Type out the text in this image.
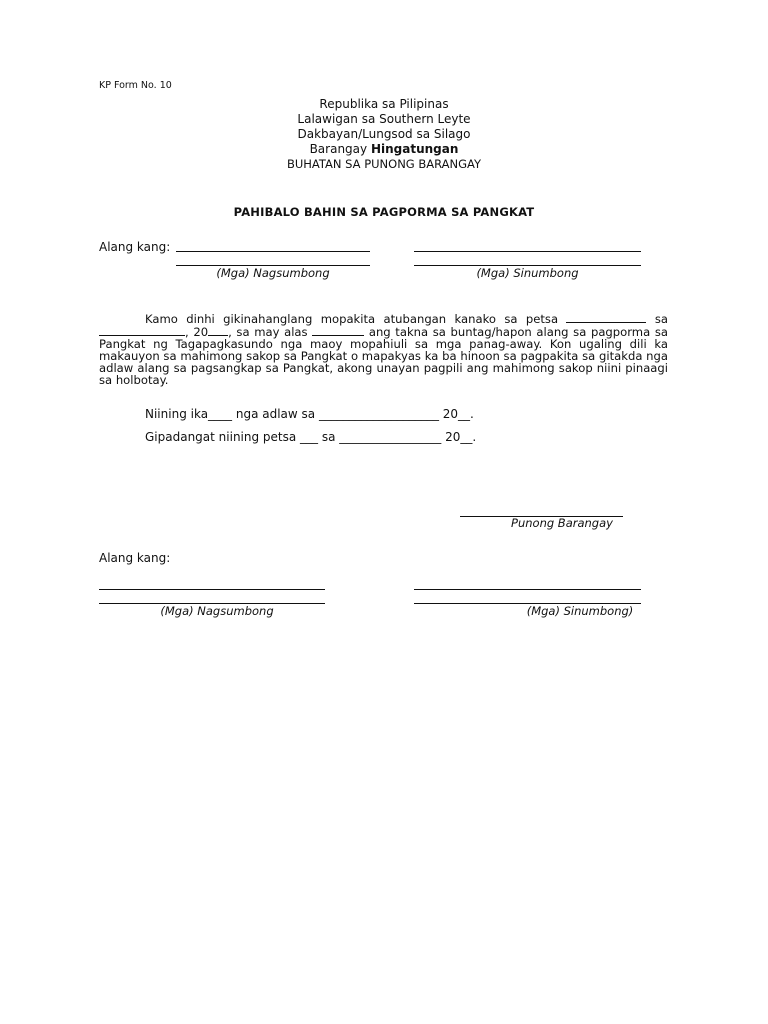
KP Form No. 10
Republika sa Pilipinas
Lalawigan sa Southern Leyte
Dakbayan/Lungsod sa Silago
Barangay Hingatungan
BUHATAN SA PUNONG BARANGAY
PAHIBALO BAHIN SA PAGPORMA SA PANGKAT
Alang kang:
(Mga) Nagsumbong	(Mga) Sinumbong
Kamo dinhi gikinahanglang mopakita atubangan kanako sa petsa	sa , 20 , sa may alas	ang takna sa buntag/hapon alang sa pagporma sa Pangkat ng Tagapagkasundo nga maoy mopahiuli sa mga panag-away. Kon ugaling dili ka makauyon sa mahimong sakop sa Pangkat o mapakyas ka ba hinoon sa pagpakita sa gitakda nga adlaw alang sa pagsangkap sa Pangkat, akong unayan pagpili ang mahimong sakop niini pinaagi sa holbotay.
Niining ika____ nga adlaw sa ____________________ 20__.
Gipadangat niining petsa ___ sa _________________ 20__.
Punong Barangay
Alang kang:
(Mga) Nagsumbong	(Mga) Sinumbong)
